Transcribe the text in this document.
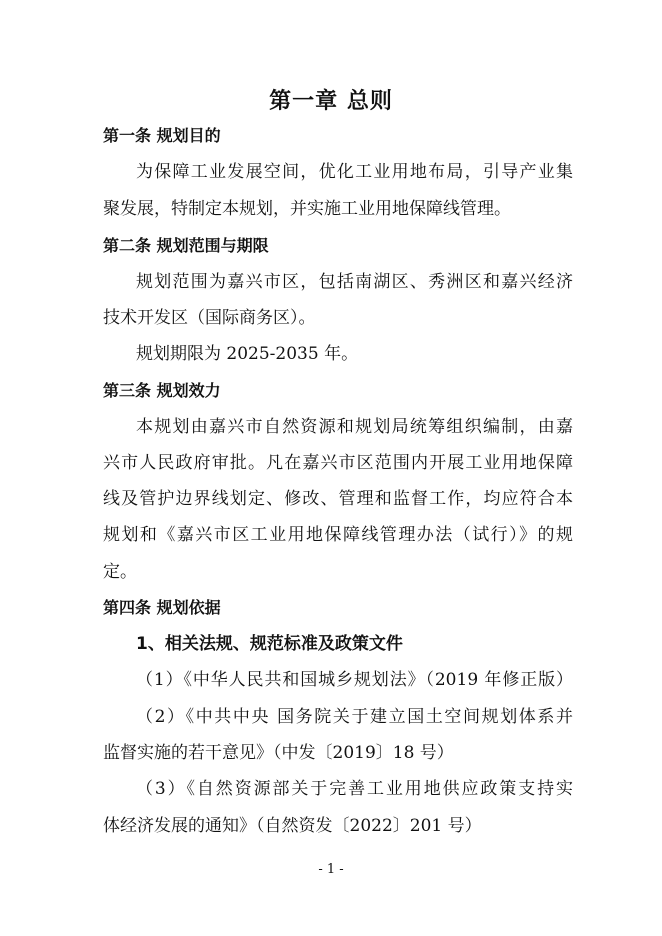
第一章 总则
第一条 规划目的
为保障工业发展空间，优化工业用地布局，引导产业集
聚发展，特制定本规划，并实施工业用地保障线管理。
第二条 规划范围与期限
规划范围为嘉兴市区，包括南湖区、秀洲区和嘉兴经济
技术开发区（国际商务区）。
规划期限为 2025-2035 年。
第三条 规划效力
本规划由嘉兴市自然资源和规划局统筹组织编制，由嘉
兴市人民政府审批。凡在嘉兴市区范围内开展工业用地保障
线及管护边界线划定、修改、管理和监督工作，均应符合本
规划和《嘉兴市区工业用地保障线管理办法（试行）》的规
定。
第四条 规划依据
1、相关法规、规范标准及政策文件
（1）《中华人民共和国城乡规划法》（2019 年修正版）
（2）《中共中央 国务院关于建立国土空间规划体系并
监督实施的若干意见》（中发〔2019〕18 号）
（3）《自然资源部关于完善工业用地供应政策支持实
体经济发展的通知》（自然资发〔2022〕201 号）
- 1 -
